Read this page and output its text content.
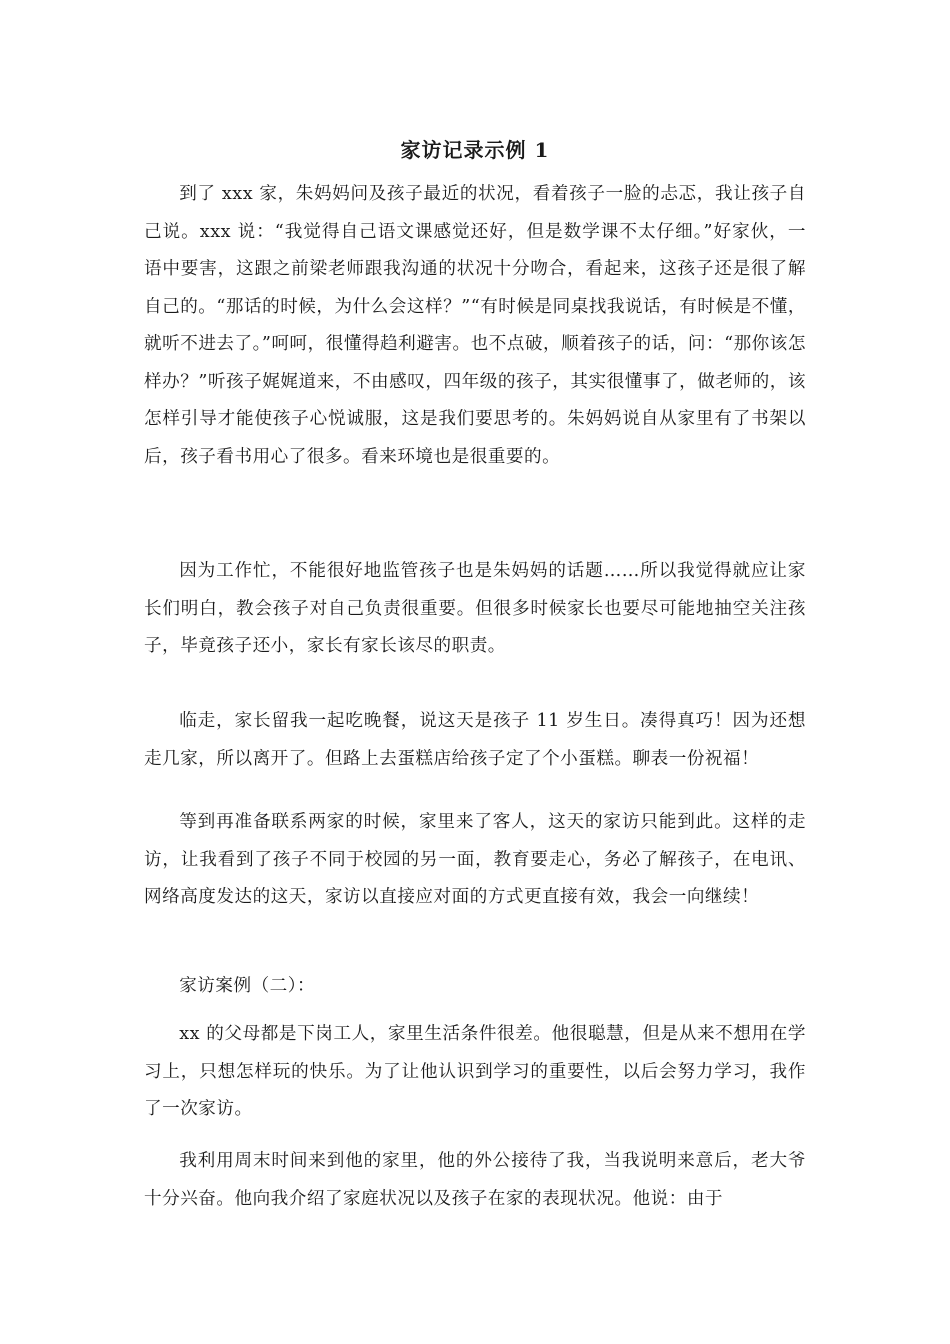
家访记录示例 1

到了 xxx 家，朱妈妈问及孩子最近的状况，看着孩子一脸的忐忑，我让孩子自己说。xxx 说：“我觉得自己语文课感觉还好，但是数学课不太仔细。”好家伙，一语中要害，这跟之前梁老师跟我沟通的状况十分吻合，看起来，这孩子还是很了解自己的。“那话的时候，为什么会这样？”“有时候是同桌找我说话，有时候是不懂，就听不进去了。”呵呵，很懂得趋利避害。也不点破，顺着孩子的话，问：“那你该怎样办？”听孩子娓娓道来，不由感叹，四年级的孩子，其实很懂事了，做老师的，该怎样引导才能使孩子心悦诚服，这是我们要思考的。朱妈妈说自从家里有了书架以后，孩子看书用心了很多。看来环境也是很重要的。

因为工作忙，不能很好地监管孩子也是朱妈妈的话题……所以我觉得就应让家长们明白，教会孩子对自己负责很重要。但很多时候家长也要尽可能地抽空关注孩子，毕竟孩子还小，家长有家长该尽的职责。

临走，家长留我一起吃晚餐，说这天是孩子 11 岁生日。凑得真巧！因为还想走几家，所以离开了。但路上去蛋糕店给孩子定了个小蛋糕。聊表一份祝福！

等到再准备联系两家的时候，家里来了客人，这天的家访只能到此。这样的走访，让我看到了孩子不同于校园的另一面，教育要走心，务必了解孩子，在电讯、网络高度发达的这天，家访以直接应对面的方式更直接有效，我会一向继续！

家访案例（二）：

xx 的父母都是下岗工人，家里生活条件很差。他很聪慧，但是从来不想用在学习上，只想怎样玩的快乐。为了让他认识到学习的重要性，以后会努力学习，我作了一次家访。

我利用周末时间来到他的家里，他的外公接待了我，当我说明来意后，老大爷十分兴奋。他向我介绍了家庭状况以及孩子在家的表现状况。他说：由于
